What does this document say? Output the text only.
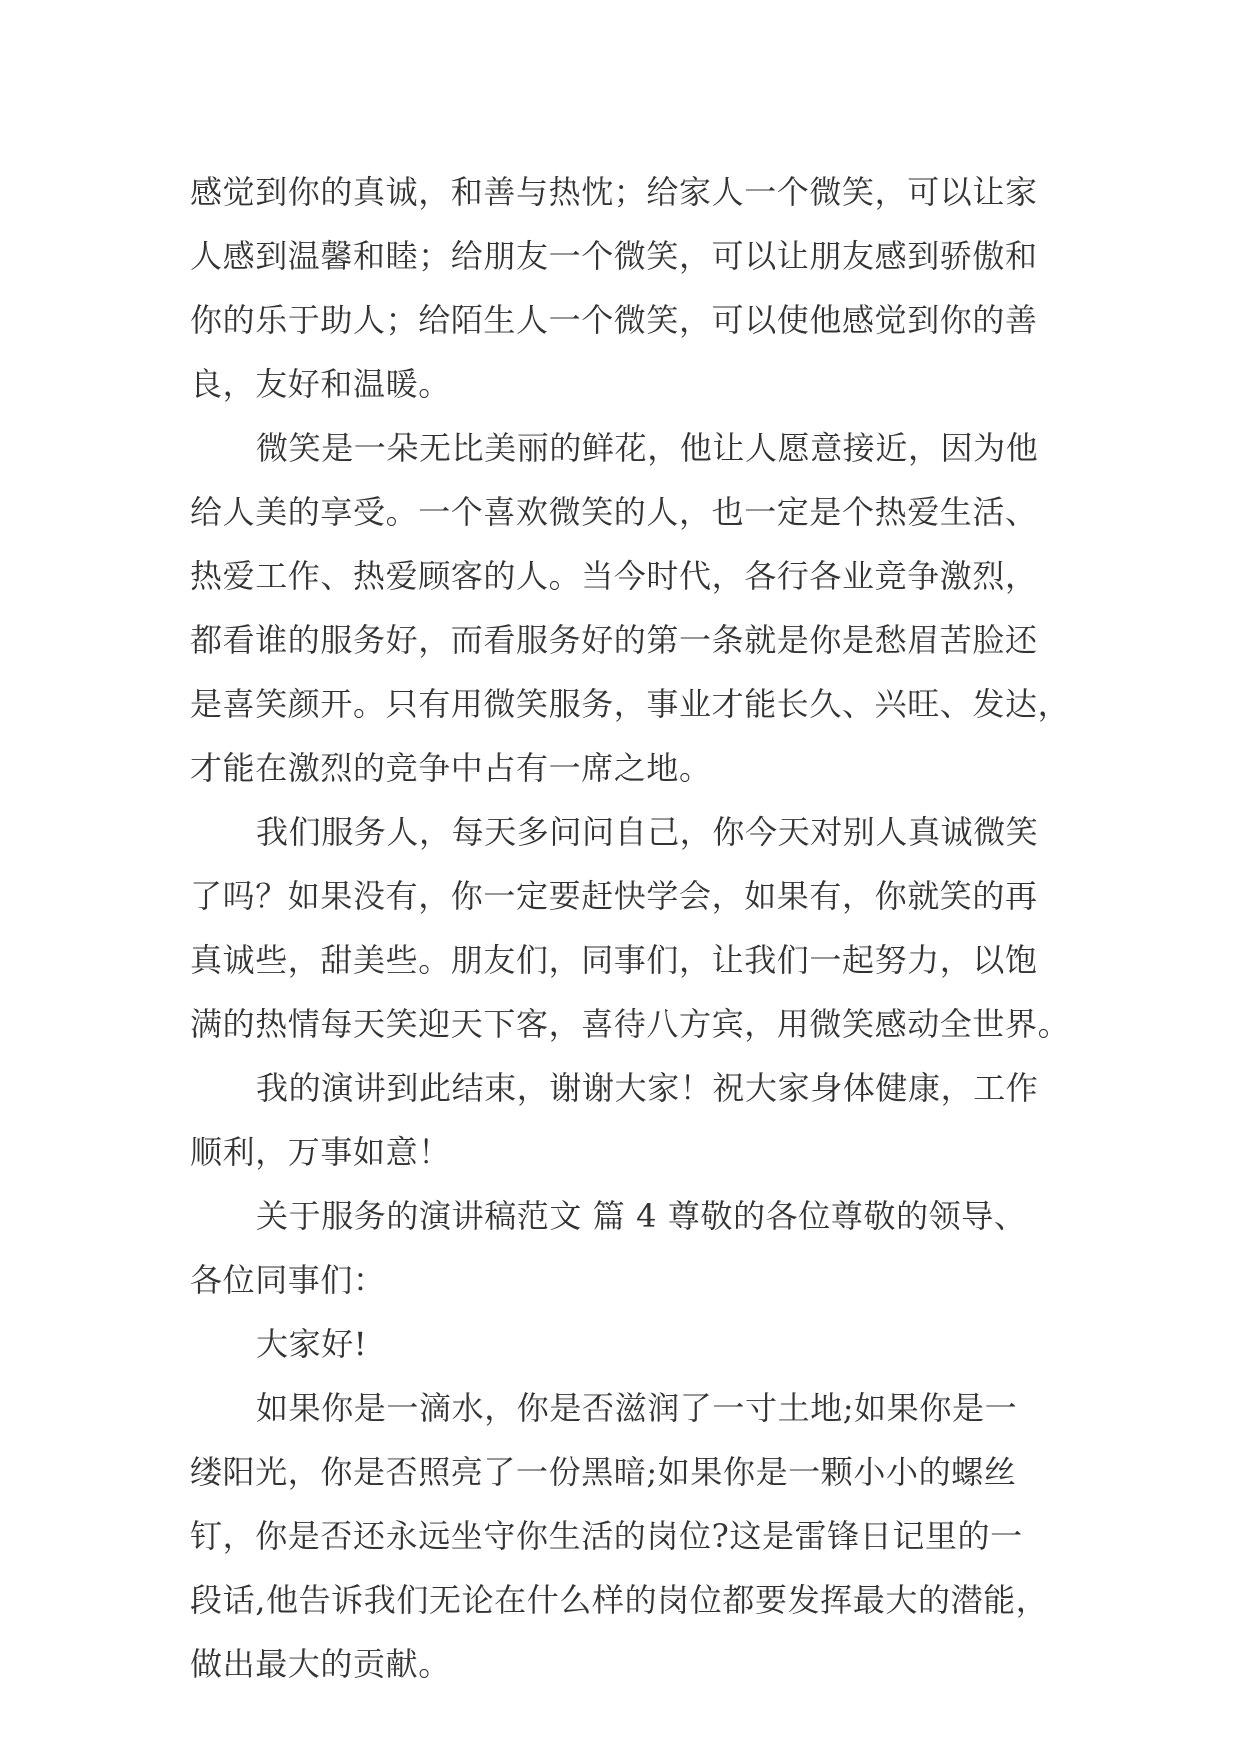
感觉到你的真诚，和善与热忱；给家人一个微笑，可以让家
人感到温馨和睦；给朋友一个微笑，可以让朋友感到骄傲和
你的乐于助人；给陌生人一个微笑，可以使他感觉到你的善
良，友好和温暖。
微笑是一朵无比美丽的鲜花，他让人愿意接近，因为他
给人美的享受。一个喜欢微笑的人，也一定是个热爱生活、
热爱工作、热爱顾客的人。当今时代，各行各业竞争激烈，
都看谁的服务好，而看服务好的第一条就是你是愁眉苦脸还
是喜笑颜开。只有用微笑服务，事业才能长久、兴旺、发达，
才能在激烈的竞争中占有一席之地。
我们服务人，每天多问问自己，你今天对别人真诚微笑
了吗？如果没有，你一定要赶快学会，如果有，你就笑的再
真诚些，甜美些。朋友们，同事们，让我们一起努力，以饱
满的热情每天笑迎天下客，喜待八方宾，用微笑感动全世界。
我的演讲到此结束，谢谢大家！祝大家身体健康，工作
顺利，万事如意！
关于服务的演讲稿范文 篇 4 尊敬的各位尊敬的领导、
各位同事们：
大家好!
如果你是一滴水，你是否滋润了一寸土地;如果你是一
缕阳光，你是否照亮了一份黑暗;如果你是一颗小小的螺丝
钉，你是否还永远坐守你生活的岗位?这是雷锋日记里的一
段话,他告诉我们无论在什么样的岗位都要发挥最大的潜能，
做出最大的贡献。
